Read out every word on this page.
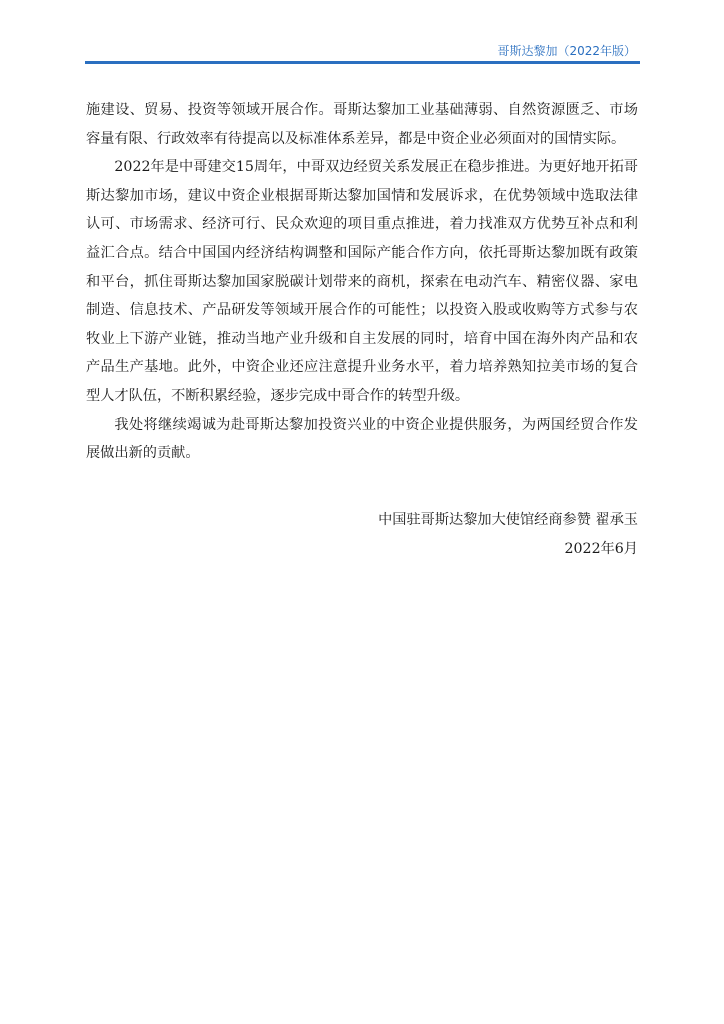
哥斯达黎加（2022年版）

施建设、贸易、投资等领域开展合作。哥斯达黎加工业基础薄弱、自然资源匮乏、市场容量有限、行政效率有待提高以及标准体系差异，都是中资企业必须面对的国情实际。

2022年是中哥建交15周年，中哥双边经贸关系发展正在稳步推进。为更好地开拓哥斯达黎加市场，建议中资企业根据哥斯达黎加国情和发展诉求，在优势领域中选取法律认可、市场需求、经济可行、民众欢迎的项目重点推进，着力找准双方优势互补点和利益汇合点。结合中国国内经济结构调整和国际产能合作方向，依托哥斯达黎加既有政策和平台，抓住哥斯达黎加国家脱碳计划带来的商机，探索在电动汽车、精密仪器、家电制造、信息技术、产品研发等领域开展合作的可能性；以投资入股或收购等方式参与农牧业上下游产业链，推动当地产业升级和自主发展的同时，培育中国在海外肉产品和农产品生产基地。此外，中资企业还应注意提升业务水平，着力培养熟知拉美市场的复合型人才队伍，不断积累经验，逐步完成中哥合作的转型升级。

我处将继续竭诚为赴哥斯达黎加投资兴业的中资企业提供服务，为两国经贸合作发展做出新的贡献。

中国驻哥斯达黎加大使馆经商参赞 翟承玉
2022年6月
